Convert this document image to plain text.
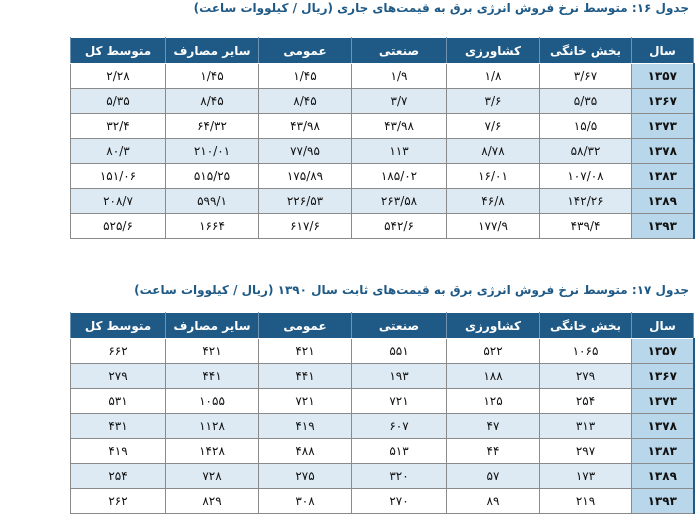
جدول ۱۶: متوسط نرخ فروش انرژی برق به قیمت‌های جاری (ریال / کیلووات ساعت)
سال	بخش خانگی	کشاورزی	صنعتی	عمومی	سایر مصارف	متوسط کل
۱۳۵۷	۳/۶۷	۱/۸	۱/۹	۱/۴۵	۱/۴۵	۲/۲۸
۱۳۶۷	۵/۳۵	۳/۶	۳/۷	۸/۴۵	۸/۴۵	۵/۳۵
۱۳۷۳	۱۵/۵	۷/۶	۴۳/۹۸	۴۳/۹۸	۶۴/۳۲	۳۲/۴
۱۳۷۸	۵۸/۳۲	۸/۷۸	۱۱۳	۷۷/۹۵	۲۱۰/۰۱	۸۰/۳
۱۳۸۳	۱۰۷/۰۸	۱۶/۰۱	۱۸۵/۰۲	۱۷۵/۸۹	۵۱۵/۲۵	۱۵۱/۰۶
۱۳۸۹	۱۴۲/۲۶	۴۶/۸	۲۶۳/۵۸	۲۲۶/۵۳	۵۹۹/۱	۲۰۸/۷
۱۳۹۳	۴۳۹/۴	۱۷۷/۹	۵۴۲/۶	۶۱۷/۶	۱۶۶۴	۵۲۵/۶
جدول ۱۷: متوسط نرخ فروش انرژی برق به قیمت‌های ثابت سال ۱۳۹۰ (ریال / کیلووات ساعت)
سال	بخش خانگی	کشاورزی	صنعتی	عمومی	سایر مصارف	متوسط کل
۱۳۵۷	۱۰۶۵	۵۲۲	۵۵۱	۴۲۱	۴۲۱	۶۶۲
۱۳۶۷	۲۷۹	۱۸۸	۱۹۳	۴۴۱	۴۴۱	۲۷۹
۱۳۷۳	۲۵۴	۱۲۵	۷۲۱	۷۲۱	۱۰۵۵	۵۳۱
۱۳۷۸	۳۱۳	۴۷	۶۰۷	۴۱۹	۱۱۲۸	۴۳۱
۱۳۸۳	۲۹۷	۴۴	۵۱۳	۴۸۸	۱۴۲۸	۴۱۹
۱۳۸۹	۱۷۳	۵۷	۳۲۰	۲۷۵	۷۲۸	۲۵۴
۱۳۹۳	۲۱۹	۸۹	۲۷۰	۳۰۸	۸۲۹	۲۶۲
